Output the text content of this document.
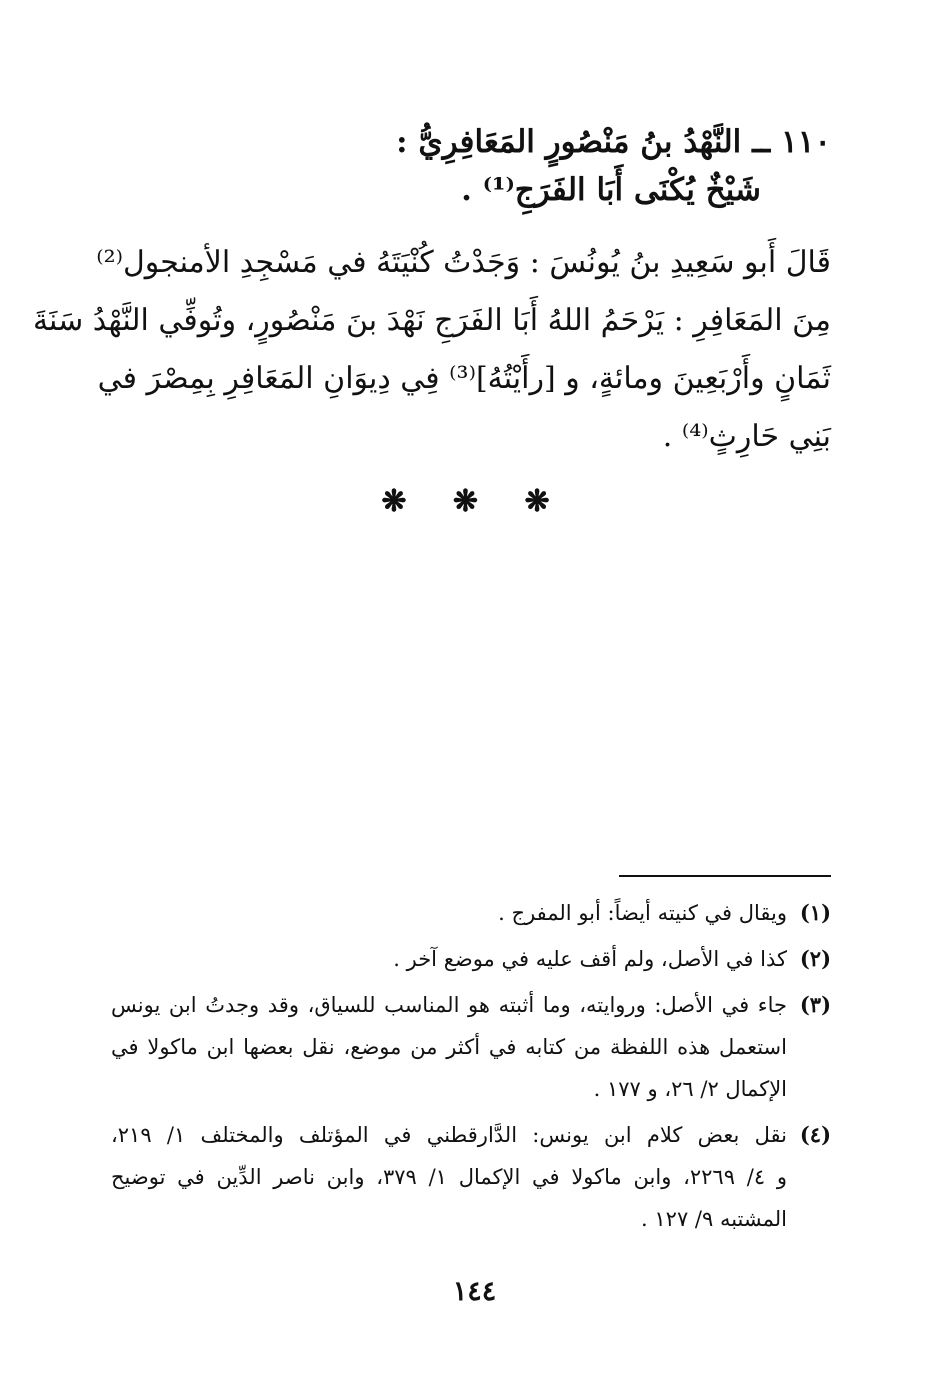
١١٠ ــ النَّهْدُ بنُ مَنْصُورٍ المَعَافِرِيُّ :
شَيْخٌ يُكْنَى أَبَا الفَرَجِ⁽¹⁾ .
قَالَ أَبو سَعِيدِ بنُ يُونُسَ : وَجَدْتُ كُنْيَتَهُ في مَسْجِدِ الأمنجول⁽²⁾
مِنَ المَعَافِرِ : يَرْحَمُ اللهُ أَبَا الفَرَجِ نَهْدَ بنَ مَنْصُورٍ، وتُوفِّي النَّهْدُ سَنَةَ
ثَمَانٍ وأَرْبَعِينَ ومائةٍ، و [رأَيْتُهُ]⁽³⁾ فِي دِيوَانِ المَعَافِرِ بِمِصْرَ في
بَنِي حَارِثٍ⁽⁴⁾ .
❋ ❋ ❋
(١)
ويقال في كنيته أيضاً: أبو المفرج .
(٢)
كذا في الأصل، ولم أقف عليه في موضع آخر .
(٣)
جاء في الأصل: وروايته، وما أثبته هو المناسب للسياق، وقد وجدتُ ابن يونس
استعمل هذه اللفظة من كتابه في أكثر من موضع، نقل بعضها ابن ماكولا في
الإكمال ٢/ ٢٦، و ١٧٧ .
(٤)
نقل بعض كلام ابن يونس: الدَّارقطني في المؤتلف والمختلف ١/ ٢١٩،
و ٤/ ٢٢٦٩، وابن ماكولا في الإكمال ١/ ٣٧٩، وابن ناصر الدِّين في توضيح
المشتبه ٩/ ١٢٧ .
١٤٤
